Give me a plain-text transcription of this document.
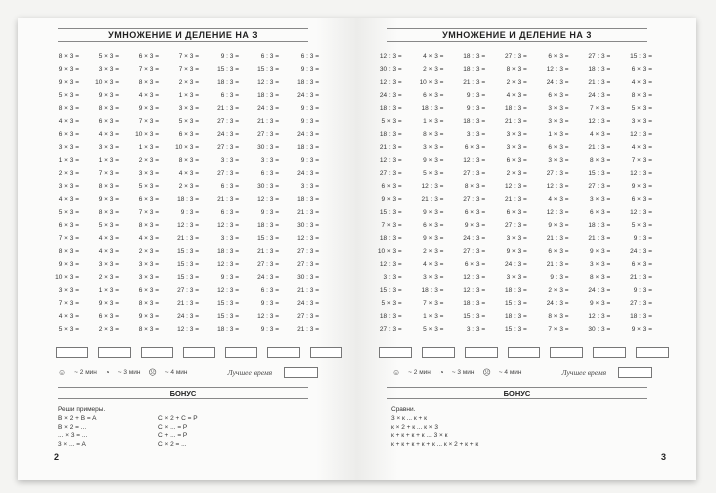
УМНОЖЕНИЕ И ДЕЛЕНИЕ НА 3
8 × 3 =	5 × 3 =	6 × 3 =	7 × 3 =	9 : 3 =	6 : 3 =	6 : 3 =
9 × 3 =	3 × 3 =	7 × 3 =	7 × 3 =	15 : 3 =	15 : 3 =	9 : 3 =
9 × 3 =	10 × 3 =	8 × 3 =	2 × 3 =	18 : 3 =	12 : 3 =	18 : 3 =
5 × 3 =	9 × 3 =	4 × 3 =	1 × 3 =	6 : 3 =	18 : 3 =	24 : 3 =
8 × 3 =	8 × 3 =	9 × 3 =	3 × 3 =	21 : 3 =	24 : 3 =	9 : 3 =
4 × 3 =	6 × 3 =	7 × 3 =	5 × 3 =	27 : 3 =	21 : 3 =	9 : 3 =
6 × 3 =	4 × 3 =	10 × 3 =	6 × 3 =	24 : 3 =	27 : 3 =	24 : 3 =
3 × 3 =	3 × 3 =	1 × 3 =	10 × 3 =	27 : 3 =	30 : 3 =	18 : 3 =
1 × 3 =	1 × 3 =	2 × 3 =	8 × 3 =	3 : 3 =	3 : 3 =	9 : 3 =
2 × 3 =	7 × 3 =	3 × 3 =	4 × 3 =	27 : 3 =	6 : 3 =	24 : 3 =
3 × 3 =	8 × 3 =	5 × 3 =	2 × 3 =	6 : 3 =	30 : 3 =	3 : 3 =
4 × 3 =	9 × 3 =	6 × 3 =	18 : 3 =	21 : 3 =	12 : 3 =	18 : 3 =
5 × 3 =	8 × 3 =	7 × 3 =	9 : 3 =	6 : 3 =	9 : 3 =	21 : 3 =
6 × 3 =	5 × 3 =	8 × 3 =	12 : 3 =	12 : 3 =	18 : 3 =	30 : 3 =
7 × 3 =	4 × 3 =	4 × 3 =	21 : 3 =	3 : 3 =	15 : 3 =	12 : 3 =
8 × 3 =	4 × 3 =	2 × 3 =	15 : 3 =	18 : 3 =	21 : 3 =	27 : 3 =
9 × 3 =	3 × 3 =	3 × 3 =	15 : 3 =	12 : 3 =	27 : 3 =	27 : 3 =
10 × 3 =	2 × 3 =	3 × 3 =	15 : 3 =	9 : 3 =	24 : 3 =	30 : 3 =
3 × 3 =	1 × 3 =	6 × 3 =	27 : 3 =	12 : 3 =	6 : 3 =	21 : 3 =
7 × 3 =	9 × 3 =	8 × 3 =	21 : 3 =	15 : 3 =	9 : 3 =	24 : 3 =
4 × 3 =	6 × 3 =	9 × 3 =	24 : 3 =	15 : 3 =	12 : 3 =	27 : 3 =
5 × 3 =	2 × 3 =	8 × 3 =	12 : 3 =	18 : 3 =	9 : 3 =	21 : 3 =
☺ ~ 2 мин ◔ ~ 3 мин ☹ ~ 4 мин	Лучшее время
БОНУС
Реши примеры.
B × 2 + B = A
B × 2 = ...
... × 3 = ...
3 × ... = A
C × 2 + C = P
C × ... = P
C + ... = P
C × 2 = ...
2
УМНОЖЕНИЕ И ДЕЛЕНИЕ НА 3
12 : 3 =	4 × 3 =	18 : 3 =	27 : 3 =	6 × 3 =	27 : 3 =	15 : 3 =
30 : 3 =	2 × 3 =	18 : 3 =	8 × 3 =	12 : 3 =	18 : 3 =	6 × 3 =
12 : 3 =	10 × 3 =	21 : 3 =	2 × 3 =	24 : 3 =	21 : 3 =	4 × 3 =
24 : 3 =	6 × 3 =	9 : 3 =	4 × 3 =	6 × 3 =	24 : 3 =	8 × 3 =
18 : 3 =	18 : 3 =	9 : 3 =	18 : 3 =	3 × 3 =	7 × 3 =	5 × 3 =
5 × 3 =	1 × 3 =	18 : 3 =	21 : 3 =	3 × 3 =	12 : 3 =	3 × 3 =
18 : 3 =	8 × 3 =	3 : 3 =	3 × 3 =	1 × 3 =	4 × 3 =	12 : 3 =
21 : 3 =	3 × 3 =	6 × 3 =	3 × 3 =	6 × 3 =	21 : 3 =	4 × 3 =
12 : 3 =	9 × 3 =	12 : 3 =	6 × 3 =	3 × 3 =	8 × 3 =	7 × 3 =
27 : 3 =	5 × 3 =	27 : 3 =	2 × 3 =	27 : 3 =	15 : 3 =	12 : 3 =
6 × 3 =	12 : 3 =	8 × 3 =	12 : 3 =	12 : 3 =	27 : 3 =	9 × 3 =
9 × 3 =	21 : 3 =	27 : 3 =	21 : 3 =	4 × 3 =	3 × 3 =	6 × 3 =
15 : 3 =	9 × 3 =	6 × 3 =	6 × 3 =	12 : 3 =	6 × 3 =	12 : 3 =
7 × 3 =	6 × 3 =	9 × 3 =	27 : 3 =	9 × 3 =	18 : 3 =	5 × 3 =
18 : 3 =	9 × 3 =	24 : 3 =	3 × 3 =	21 : 3 =	21 : 3 =	9 : 3 =
10 × 3 =	2 × 3 =	27 : 3 =	9 × 3 =	6 × 3 =	9 × 3 =	24 : 3 =
12 : 3 =	4 × 3 =	6 × 3 =	24 : 3 =	21 : 3 =	3 × 3 =	6 × 3 =
3 : 3 =	3 × 3 =	12 : 3 =	3 × 3 =	9 : 3 =	8 × 3 =	21 : 3 =
15 : 3 =	18 : 3 =	12 : 3 =	18 : 3 =	2 × 3 =	24 : 3 =	9 : 3 =
5 × 3 =	7 × 3 =	18 : 3 =	15 : 3 =	24 : 3 =	9 × 3 =	27 : 3 =
18 : 3 =	1 × 3 =	15 : 3 =	18 : 3 =	8 × 3 =	12 : 3 =	18 : 3 =
27 : 3 =	5 × 3 =	3 : 3 =	15 : 3 =	7 × 3 =	30 : 3 =	9 × 3 =
☺ ~ 2 мин ◔ ~ 3 мин ☹ ~ 4 мин	Лучшее время
БОНУС
Сравни.
3 × к ... к + к
к × 2 + к ... к × 3
к + к + к + к ... 3 × к
к + к + к + к + к ... к × 2 + к + к
3
